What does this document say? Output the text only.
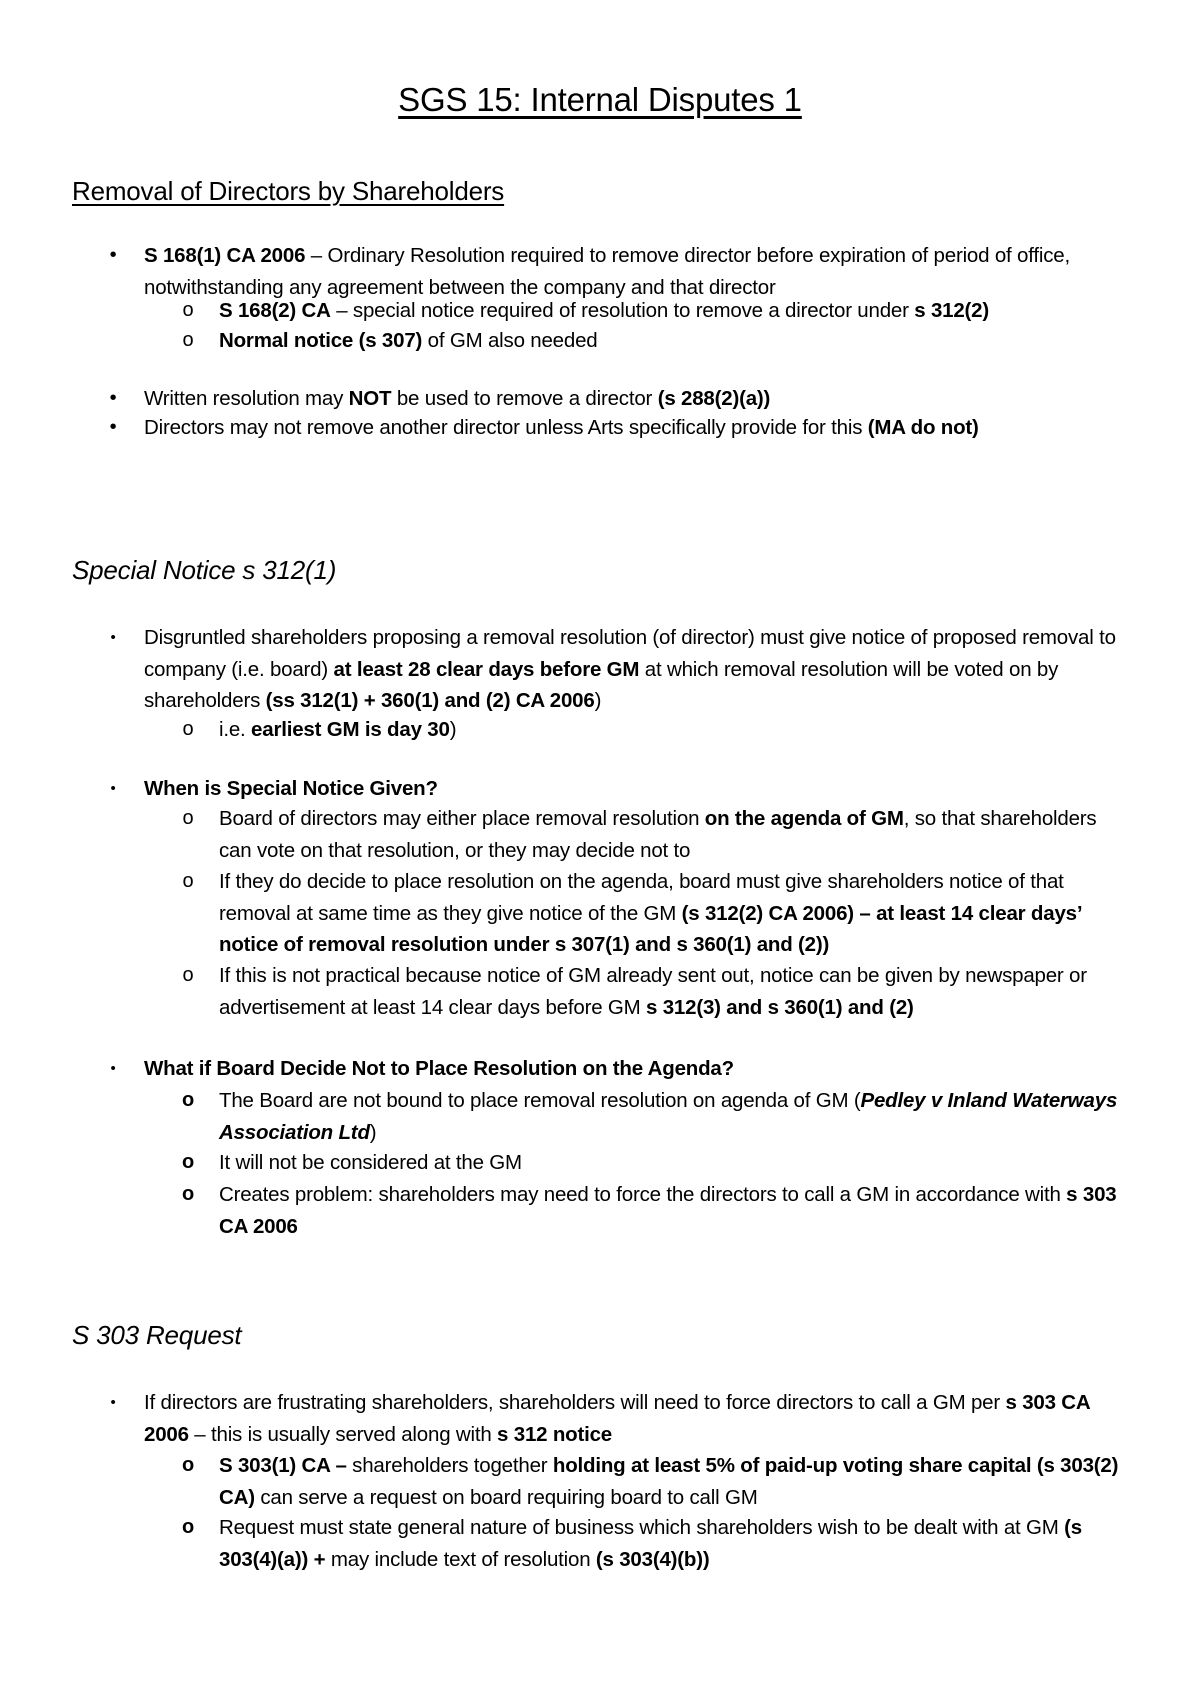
SGS 15: Internal Disputes 1
Removal of Directors by Shareholders
•	S 168(1) CA 2006 – Ordinary Resolution required to remove director before expiration of period of office, notwithstanding any agreement between the company and that director
o	S 168(2) CA – special notice required of resolution to remove a director under s 312(2)
o	Normal notice (s 307) of GM also needed
•	Written resolution may NOT be used to remove a director (s 288(2)(a))
•	Directors may not remove another director unless Arts specifically provide for this (MA do not)
Special Notice s 312(1)
•	Disgruntled shareholders proposing a removal resolution (of director) must give notice of proposed removal to company (i.e. board) at least 28 clear days before GM at which removal resolution will be voted on by shareholders (ss 312(1) + 360(1) and (2) CA 2006)
o	i.e. earliest GM is day 30)
•	When is Special Notice Given?
o	Board of directors may either place removal resolution on the agenda of GM, so that shareholders can vote on that resolution, or they may decide not to
o	If they do decide to place resolution on the agenda, board must give shareholders notice of that removal at same time as they give notice of the GM (s 312(2) CA 2006) – at least 14 clear days’ notice of removal resolution under s 307(1) and s 360(1) and (2))
o	If this is not practical because notice of GM already sent out, notice can be given by newspaper or advertisement at least 14 clear days before GM s 312(3) and s 360(1) and (2)
•	What if Board Decide Not to Place Resolution on the Agenda?
o	The Board are not bound to place removal resolution on agenda of GM (Pedley v Inland Waterways Association Ltd)
o	It will not be considered at the GM
o	Creates problem: shareholders may need to force the directors to call a GM in accordance with s 303 CA 2006
S 303 Request
•	If directors are frustrating shareholders, shareholders will need to force directors to call a GM per s 303 CA 2006 – this is usually served along with s 312 notice
o	S 303(1) CA – shareholders together holding at least 5% of paid-up voting share capital (s 303(2) CA) can serve a request on board requiring board to call GM
o	Request must state general nature of business which shareholders wish to be dealt with at GM (s 303(4)(a)) + may include text of resolution (s 303(4)(b))
